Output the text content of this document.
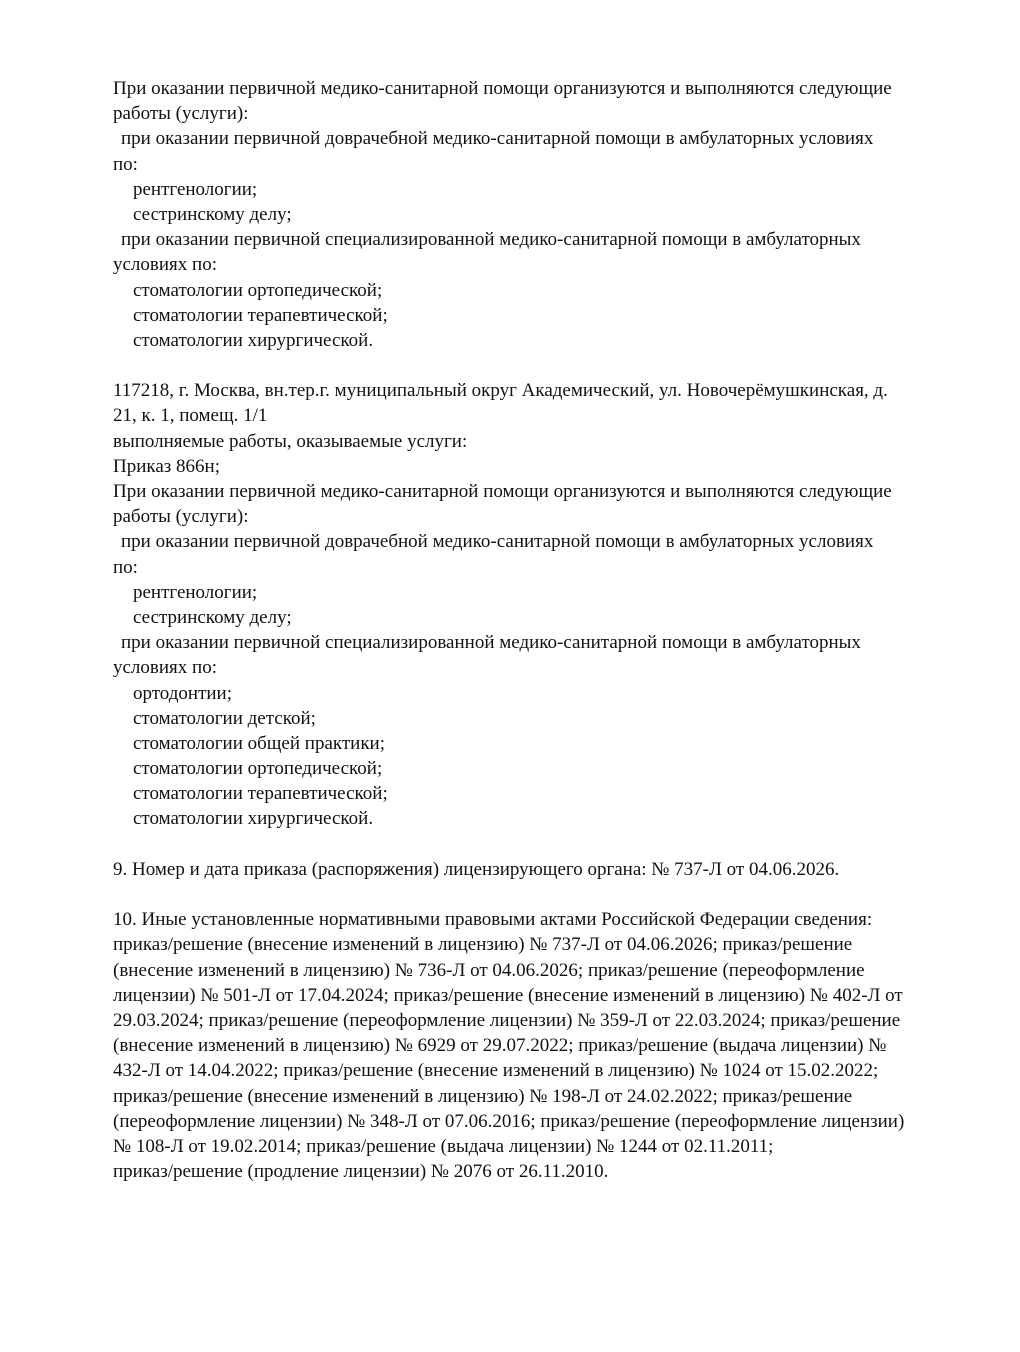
При оказании первичной медико-санитарной помощи организуются и выполняются следующие
работы (услуги):
при оказании первичной доврачебной медико-санитарной помощи в амбулаторных условиях
по:
рентгенологии;
сестринскому делу;
при оказании первичной специализированной медико-санитарной помощи в амбулаторных
условиях по:
стоматологии ортопедической;
стоматологии терапевтической;
стоматологии хирургической.
117218, г. Москва, вн.тер.г. муниципальный округ Академический, ул. Новочерёмушкинская, д.
21, к. 1, помещ. 1/1
выполняемые работы, оказываемые услуги:
Приказ 866н;
При оказании первичной медико-санитарной помощи организуются и выполняются следующие
работы (услуги):
при оказании первичной доврачебной медико-санитарной помощи в амбулаторных условиях
по:
рентгенологии;
сестринскому делу;
при оказании первичной специализированной медико-санитарной помощи в амбулаторных
условиях по:
ортодонтии;
стоматологии детской;
стоматологии общей практики;
стоматологии ортопедической;
стоматологии терапевтической;
стоматологии хирургической.
9. Номер и дата приказа (распоряжения) лицензирующего органа: № 737-Л от 04.06.2026.
10. Иные установленные нормативными правовыми актами Российской Федерации сведения:
приказ/решение (внесение изменений в лицензию) № 737-Л от 04.06.2026; приказ/решение
(внесение изменений в лицензию) № 736-Л от 04.06.2026; приказ/решение (переоформление
лицензии) № 501-Л от 17.04.2024; приказ/решение (внесение изменений в лицензию) № 402-Л от
29.03.2024; приказ/решение (переоформление лицензии) № 359-Л от 22.03.2024; приказ/решение
(внесение изменений в лицензию) № 6929 от 29.07.2022; приказ/решение (выдача лицензии) №
432-Л от 14.04.2022; приказ/решение (внесение изменений в лицензию) № 1024 от 15.02.2022;
приказ/решение (внесение изменений в лицензию) № 198-Л от 24.02.2022; приказ/решение
(переоформление лицензии) № 348-Л от 07.06.2016; приказ/решение (переоформление лицензии)
№ 108-Л от 19.02.2014; приказ/решение (выдача лицензии) № 1244 от 02.11.2011;
приказ/решение (продление лицензии) № 2076 от 26.11.2010.
